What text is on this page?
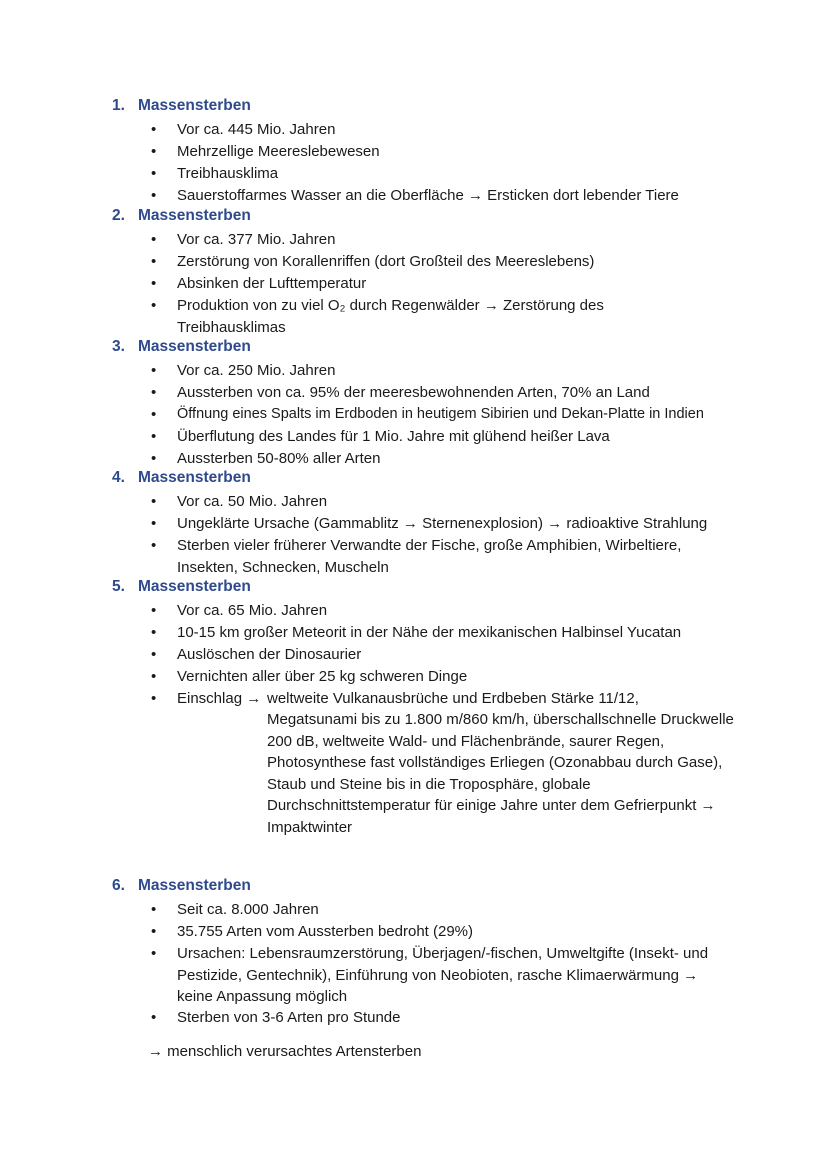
1. Massensterben
• Vor ca. 445 Mio. Jahren
• Mehrzellige Meereslebewesen
• Treibhausklima
• Sauerstoffarmes Wasser an die Oberfläche → Ersticken dort lebender Tiere
2. Massensterben
• Vor ca. 377 Mio. Jahren
• Zerstörung von Korallenriffen (dort Großteil des Meereslebens)
• Absinken der Lufttemperatur
• Produktion von zu viel O₂ durch Regenwälder → Zerstörung des Treibhausklimas
3. Massensterben
• Vor ca. 250 Mio. Jahren
• Aussterben von ca. 95% der meeresbewohnenden Arten, 70% an Land
• Öffnung eines Spalts im Erdboden in heutigem Sibirien und Dekan-Platte in Indien
• Überflutung des Landes für 1 Mio. Jahre mit glühend heißer Lava
• Aussterben 50-80% aller Arten
4. Massensterben
• Vor ca. 50 Mio. Jahren
• Ungeklärte Ursache (Gammablitz → Sternenexplosion) → radioaktive Strahlung
• Sterben vieler früherer Verwandte der Fische, große Amphibien, Wirbeltiere, Insekten, Schnecken, Muscheln
5. Massensterben
• Vor ca. 65 Mio. Jahren
• 10-15 km großer Meteorit in der Nähe der mexikanischen Halbinsel Yucatan
• Auslöschen der Dinosaurier
• Vernichten aller über 25 kg schweren Dinge
• Einschlag → weltweite Vulkanausbrüche und Erdbeben Stärke 11/12,
Megatsunami bis zu 1.800 m/860 km/h, überschallschnelle Druckwelle 200 dB, weltweite Wald- und Flächenbrände, saurer Regen, Photosynthese fast vollständiges Erliegen (Ozonabbau durch Gase), Staub und Steine bis in die Troposphäre, globale Durchschnittstemperatur für einige Jahre unter dem Gefrierpunkt → Impaktwinter
6. Massensterben
• Seit ca. 8.000 Jahren
• 35.755 Arten vom Aussterben bedroht (29%)
• Ursachen: Lebensraumzerstörung, Überjagen/-fischen, Umweltgifte (Insekt- und Pestizide, Gentechnik), Einführung von Neobioten, rasche Klimaerwärmung → keine Anpassung möglich
• Sterben von 3-6 Arten pro Stunde
→ menschlich verursachtes Artensterben
